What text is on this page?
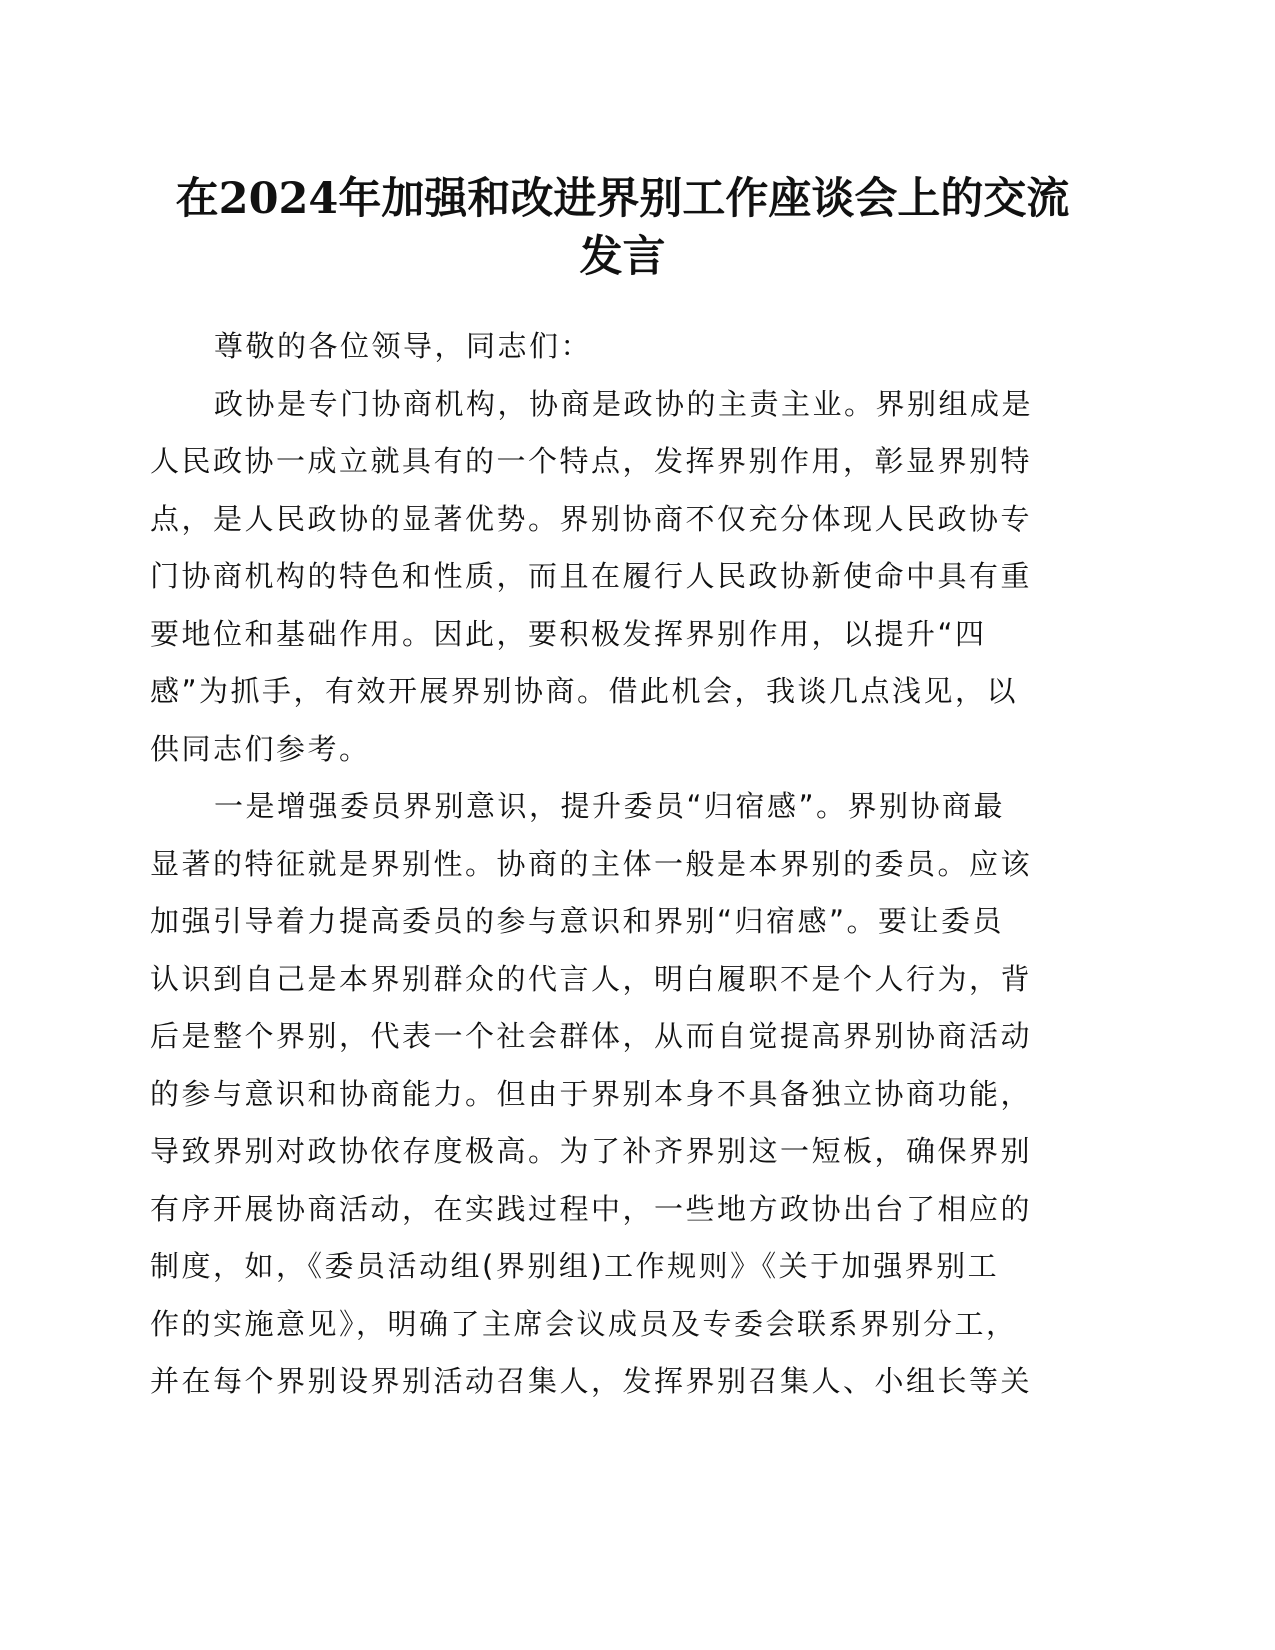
在2024年加强和改进界别工作座谈会上的交流
发言
尊敬的各位领导，同志们：
政协是专门协商机构，协商是政协的主责主业。界别组成是
人民政协一成立就具有的一个特点，发挥界别作用，彰显界别特
点，是人民政协的显著优势。界别协商不仅充分体现人民政协专
门协商机构的特色和性质，而且在履行人民政协新使命中具有重
要地位和基础作用。因此，要积极发挥界别作用，以提升“四
感”为抓手，有效开展界别协商。借此机会，我谈几点浅见，以
供同志们参考。
一是增强委员界别意识，提升委员“归宿感”。界别协商最
显著的特征就是界别性。协商的主体一般是本界别的委员。应该
加强引导着力提高委员的参与意识和界别“归宿感”。要让委员
认识到自己是本界别群众的代言人，明白履职不是个人行为，背
后是整个界别，代表一个社会群体，从而自觉提高界别协商活动
的参与意识和协商能力。但由于界别本身不具备独立协商功能，
导致界别对政协依存度极高。为了补齐界别这一短板，确保界别
有序开展协商活动，在实践过程中，一些地方政协出台了相应的
制度，如，《委员活动组(界别组)工作规则》《关于加强界别工
作的实施意见》，明确了主席会议成员及专委会联系界别分工，
并在每个界别设界别活动召集人，发挥界别召集人、小组长等关
